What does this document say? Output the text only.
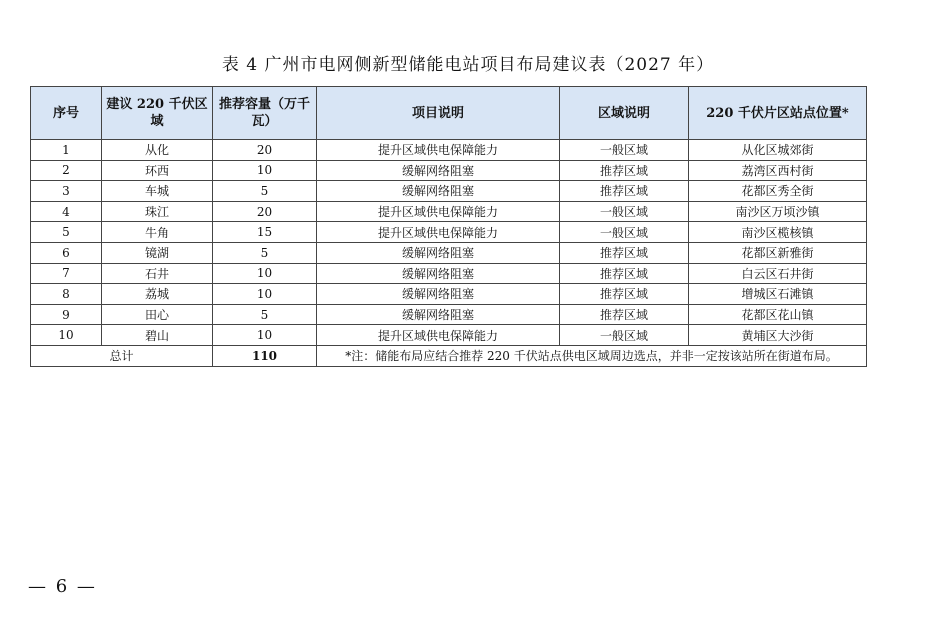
表 4 广州市电网侧新型储能电站项目布局建议表（2027 年）
序号	建议 220 千伏区域	推荐容量（万千瓦）	项目说明	区域说明	220 千伏片区站点位置*
1	从化	20	提升区域供电保障能力	一般区域	从化区城郊街
2	环西	10	缓解网络阻塞	推荐区域	荔湾区西村街
3	车城	5	缓解网络阻塞	推荐区域	花都区秀全街
4	珠江	20	提升区域供电保障能力	一般区域	南沙区万顷沙镇
5	牛角	15	提升区域供电保障能力	一般区域	南沙区榄核镇
6	镜湖	5	缓解网络阻塞	推荐区域	花都区新雅街
7	石井	10	缓解网络阻塞	推荐区域	白云区石井街
8	荔城	10	缓解网络阻塞	推荐区域	增城区石滩镇
9	田心	5	缓解网络阻塞	推荐区域	花都区花山镇
10	碧山	10	提升区域供电保障能力	一般区域	黄埔区大沙街
总计		110	*注：储能布局应结合推荐 220 千伏站点供电区域周边选点，并非一定按该站所在街道布局。		
— 6 —
